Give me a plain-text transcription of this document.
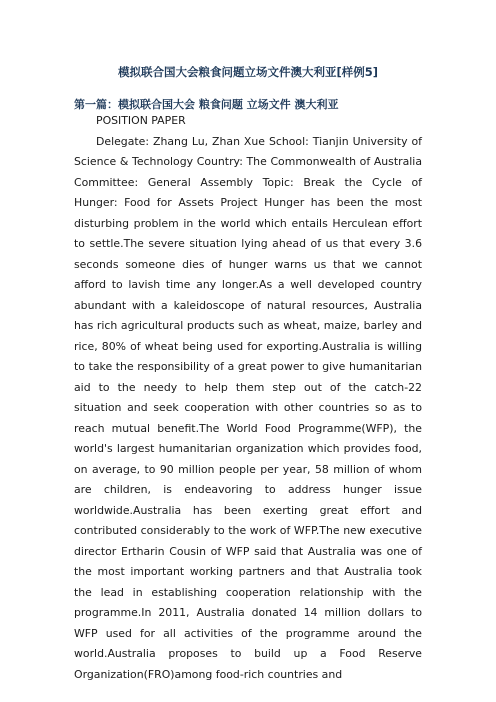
模拟联合国大会粮食问题立场文件澳大利亚[样例5]
第一篇：模拟联合国大会 粮食问题 立场文件 澳大利亚
POSITION PAPER
Delegate: Zhang Lu, Zhan Xue School: Tianjin University of Science & Technology Country: The Commonwealth of Australia Committee: General Assembly Topic: Break the Cycle of Hunger: Food for Assets Project Hunger has been the most disturbing problem in the world which entails Herculean effort to settle.The severe situation lying ahead of us that every 3.6 seconds someone dies of hunger warns us that we cannot afford to lavish time any longer.As a well developed country abundant with a kaleidoscope of natural resources, Australia has rich agricultural products such as wheat, maize, barley and rice, 80% of wheat being used for exporting.Australia is willing to take the responsibility of a great power to give humanitarian aid to the needy to help them step out of the catch-22 situation and seek cooperation with other countries so as to reach mutual benefit.The World Food Programme(WFP), the world's largest humanitarian organization which provides food, on average, to 90 million people per year, 58 million of whom are children, is endeavoring to address hunger issue worldwide.Australia has been exerting great effort and contributed considerably to the work of WFP.The new executive director Ertharin Cousin of WFP said that Australia was one of the most important working partners and that Australia took the lead in establishing cooperation relationship with the programme.In 2011, Australia donated 14 million dollars to WFP used for all activities of the programme around the world.Australia proposes to build up a Food Reserve Organization(FRO)among food-rich countries and
